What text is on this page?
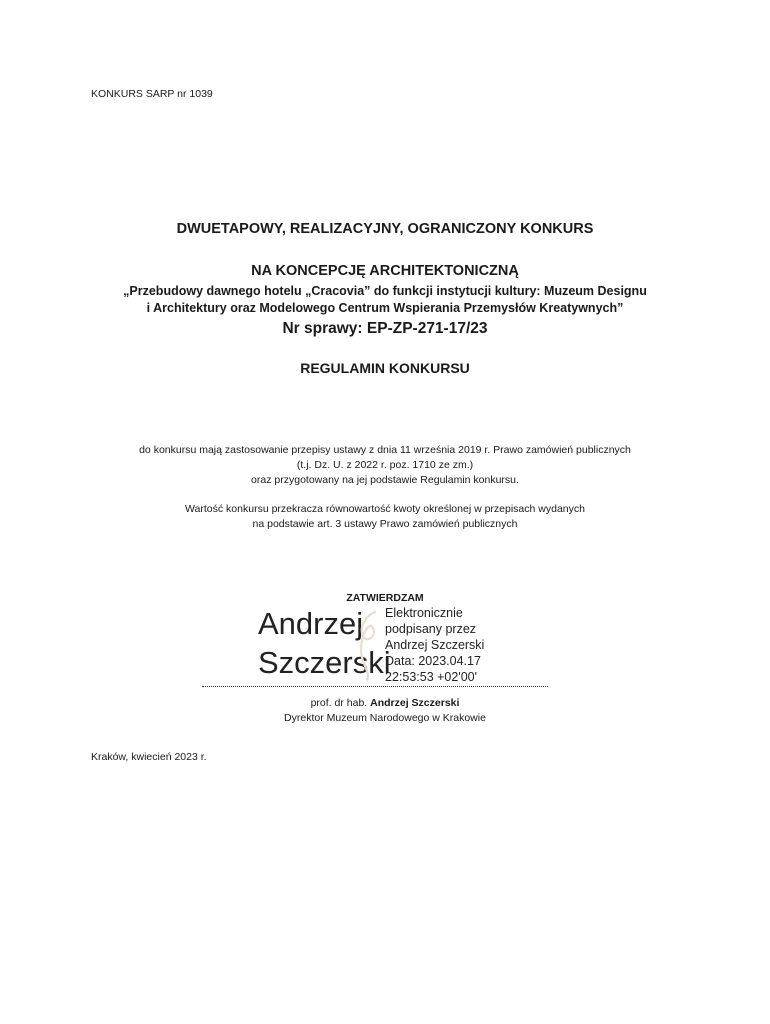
KONKURS SARP nr 1039
DWUETAPOWY, REALIZACYJNY, OGRANICZONY KONKURS
NA KONCEPCJĘ ARCHITEKTONICZNĄ
„Przebudowy dawnego hotelu „Cracovia” do funkcji instytucji kultury: Muzeum Designu
i Architektury oraz Modelowego Centrum Wspierania Przemysłów Kreatywnych”
Nr sprawy: EP-ZP-271-17/23
REGULAMIN KONKURSU
do konkursu mają zastosowanie przepisy ustawy z dnia 11 września 2019 r. Prawo zamówień publicznych
(t.j. Dz. U. z 2022 r. poz. 1710 ze zm.)
oraz przygotowany na jej podstawie Regulamin konkursu.
Wartość konkursu przekracza równowartość kwoty określonej w przepisach wydanych
na podstawie art. 3 ustawy Prawo zamówień publicznych
ZATWIERDZAM
Andrzej
Szczerski
Elektronicznie
podpisany przez
Andrzej Szczerski
Data: 2023.04.17
22:53:53 +02'00'
prof. dr hab. Andrzej Szczerski
Dyrektor Muzeum Narodowego w Krakowie
Kraków, kwiecień 2023 r.
